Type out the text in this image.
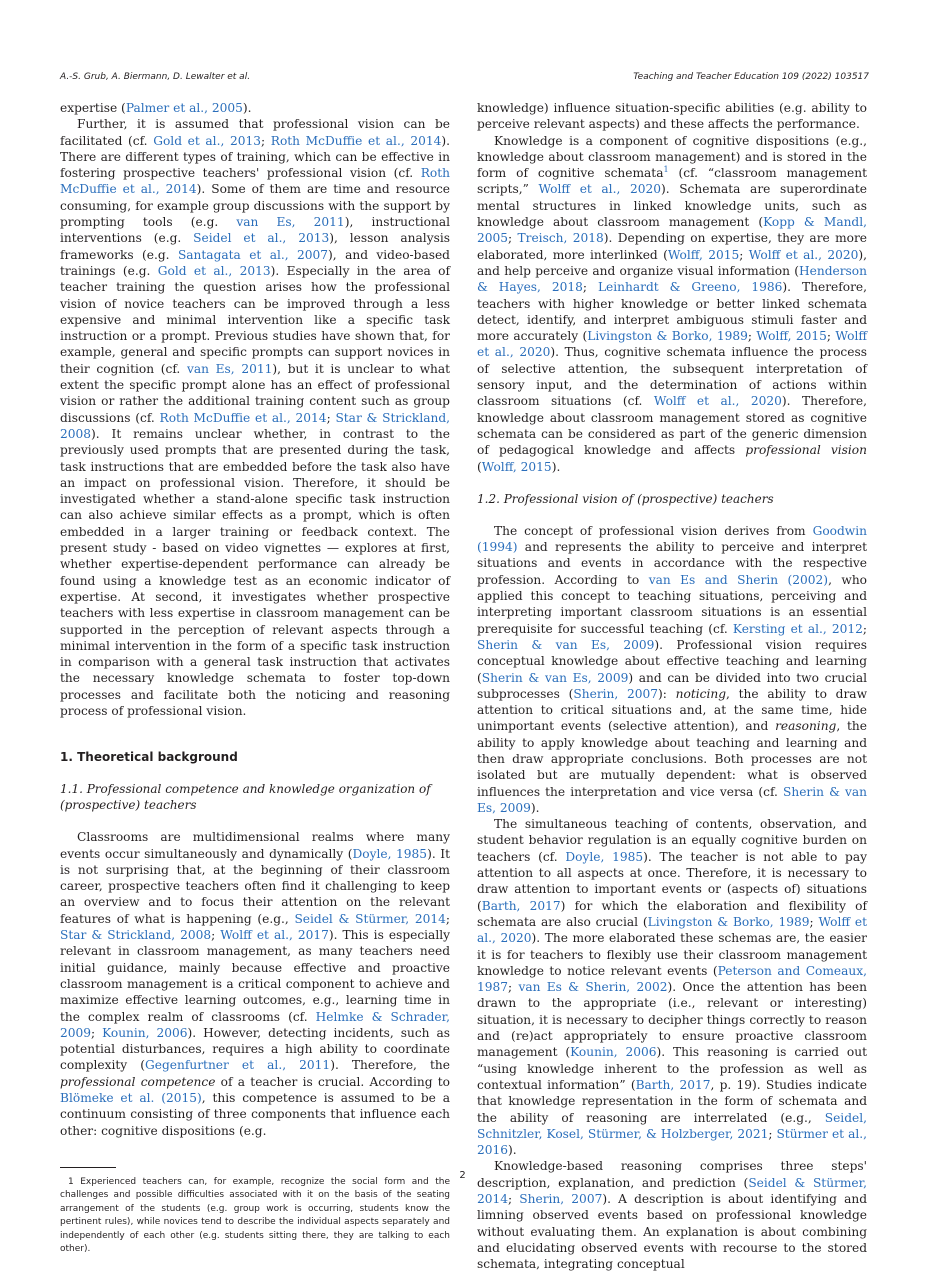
A.-S. Grub, A. Biermann, D. Lewalter et al.	Teaching and Teacher Education 109 (2022) 103517

expertise (Palmer et al., 2005).

Further, it is assumed that professional vision can be facilitated (cf. Gold et al., 2013; Roth McDuffie et al., 2014). There are different types of training, which can be effective in fostering prospective teachers' professional vision (cf. Roth McDuffie et al., 2014). Some of them are time and resource consuming, for example group discussions with the support by prompting tools (e.g. van Es, 2011), instructional interventions (e.g. Seidel et al., 2013), lesson analysis frameworks (e.g. Santagata et al., 2007), and video-based trainings (e.g. Gold et al., 2013). Especially in the area of teacher training the question arises how the professional vision of novice teachers can be improved through a less expensive and minimal intervention like a specific task instruction or a prompt. Previous studies have shown that, for example, general and specific prompts can support novices in their cognition (cf. van Es, 2011), but it is unclear to what extent the specific prompt alone has an effect of professional vision or rather the additional training content such as group discussions (cf. Roth McDuffie et al., 2014; Star & Strickland, 2008). It remains unclear whether, in contrast to the previously used prompts that are presented during the task, task instructions that are embedded before the task also have an impact on professional vision. Therefore, it should be investigated whether a stand-alone specific task instruction can also achieve similar effects as a prompt, which is often embedded in a larger training or feedback context. The present study - based on video vignettes — explores at first, whether expertise-dependent performance can already be found using a knowledge test as an economic indicator of expertise. At second, it investigates whether prospective teachers with less expertise in classroom management can be supported in the perception of relevant aspects through a minimal intervention in the form of a specific task instruction in comparison with a general task instruction that activates the necessary knowledge schemata to foster top-down processes and facilitate both the noticing and reasoning process of professional vision.

1. Theoretical background
1.1. Professional competence and knowledge organization of (prospective) teachers

Classrooms are multidimensional realms where many events occur simultaneously and dynamically (Doyle, 1985). It is not surprising that, at the beginning of their classroom career, prospective teachers often find it challenging to keep an overview and to focus their attention on the relevant features of what is happening (e.g., Seidel & Stürmer, 2014; Star & Strickland, 2008; Wolff et al., 2017). This is especially relevant in classroom management, as many teachers need initial guidance, mainly because effective and proactive classroom management is a critical component to achieve and maximize effective learning outcomes, e.g., learning time in the complex realm of classrooms (cf. Helmke & Schrader, 2009; Kounin, 2006). However, detecting incidents, such as potential disturbances, requires a high ability to coordinate complexity (Gegenfurtner et al., 2011). Therefore, the professional competence of a teacher is crucial. According to Blömeke et al. (2015), this competence is assumed to be a continuum consisting of three components that influence each other: cognitive dispositions (e.g.

1 Experienced teachers can, for example, recognize the social form and the challenges and possible difficulties associated with it on the basis of the seating arrangement of the students (e.g. group work is occurring, students know the pertinent rules), while novices tend to describe the individual aspects separately and independently of each other (e.g. students sitting there, they are talking to each other).

knowledge) influence situation-specific abilities (e.g. ability to perceive relevant aspects) and these affects the performance.

Knowledge is a component of cognitive dispositions (e.g., knowledge about classroom management) and is stored in the form of cognitive schemata$^1$ (cf. “classroom management scripts,” Wolff et al., 2020). Schemata are superordinate mental structures in linked knowledge units, such as knowledge about classroom management (Kopp & Mandl, 2005; Treisch, 2018). Depending on expertise, they are more elaborated, more interlinked (Wolff, 2015; Wolff et al., 2020), and help perceive and organize visual information (Henderson & Hayes, 2018; Leinhardt & Greeno, 1986). Therefore, teachers with higher knowledge or better linked schemata detect, identify, and interpret ambiguous stimuli faster and more accurately (Livingston & Borko, 1989; Wolff, 2015; Wolff et al., 2020). Thus, cognitive schemata influence the process of selective attention, the subsequent interpretation of sensory input, and the determination of actions within classroom situations (cf. Wolff et al., 2020). Therefore, knowledge about classroom management stored as cognitive schemata can be considered as part of the generic dimension of pedagogical knowledge and affects professional vision (Wolff, 2015).

1.2. Professional vision of (prospective) teachers

The concept of professional vision derives from Goodwin (1994) and represents the ability to perceive and interpret situations and events in accordance with the respective profession. According to van Es and Sherin (2002), who applied this concept to teaching situations, perceiving and interpreting important classroom situations is an essential prerequisite for successful teaching (cf. Kersting et al., 2012; Sherin & van Es, 2009). Professional vision requires conceptual knowledge about effective teaching and learning (Sherin & van Es, 2009) and can be divided into two crucial subprocesses (Sherin, 2007): noticing, the ability to draw attention to critical situations and, at the same time, hide unimportant events (selective attention), and reasoning, the ability to apply knowledge about teaching and learning and then draw appropriate conclusions. Both processes are not isolated but are mutually dependent: what is observed influences the interpretation and vice versa (cf. Sherin & van Es, 2009).

The simultaneous teaching of contents, observation, and student behavior regulation is an equally cognitive burden on teachers (cf. Doyle, 1985). The teacher is not able to pay attention to all aspects at once. Therefore, it is necessary to draw attention to important events or (aspects of) situations (Barth, 2017) for which the elaboration and flexibility of schemata are also crucial (Livingston & Borko, 1989; Wolff et al., 2020). The more elaborated these schemas are, the easier it is for teachers to flexibly use their classroom management knowledge to notice relevant events (Peterson and Comeaux, 1987; van Es & Sherin, 2002). Once the attention has been drawn to the appropriate (i.e., relevant or interesting) situation, it is necessary to decipher things correctly to reason and (re)act appropriately to ensure proactive classroom management (Kounin, 2006). This reasoning is carried out “using knowledge inherent to the profession as well as contextual information” (Barth, 2017, p. 19). Studies indicate that knowledge representation in the form of schemata and the ability of reasoning are interrelated (e.g., Seidel, Schnitzler, Kosel, Stürmer, & Holzberger, 2021; Stürmer et al., 2016).

Knowledge-based reasoning comprises three steps' description, explanation, and prediction (Seidel & Stürmer, 2014; Sherin, 2007). A description is about identifying and limning observed events based on professional knowledge without evaluating them. An explanation is about combining and elucidating observed events with recourse to the stored schemata, integrating conceptual

2
